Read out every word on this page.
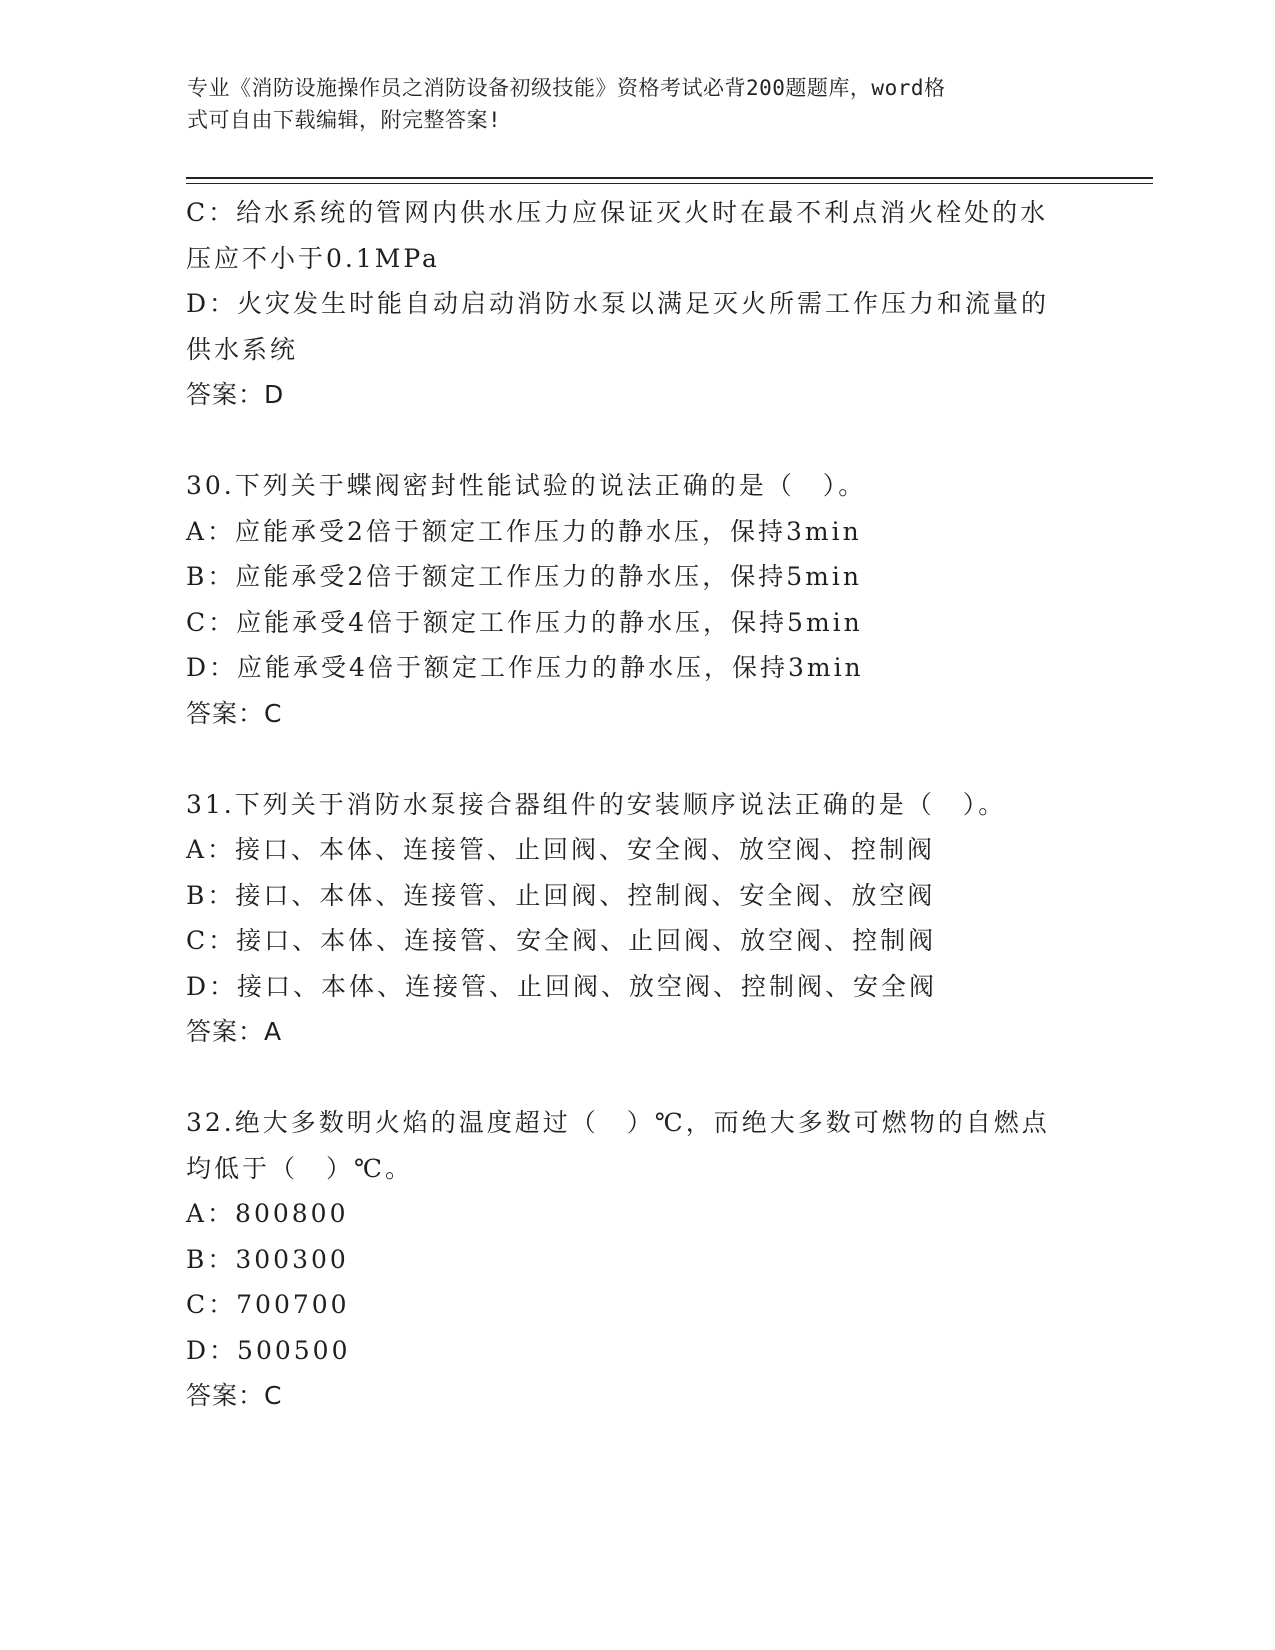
专业《消防设施操作员之消防设备初级技能》资格考试必背200题题库，word格
式可自由下载编辑，附完整答案!
C：给水系统的管网内供水压力应保证灭火时在最不利点消火栓处的水
压应不小于0.1MPa
D：火灾发生时能自动启动消防水泵以满足灭火所需工作压力和流量的
供水系统
答案：D
30.下列关于蝶阀密封性能试验的说法正确的是（　）。
A：应能承受2倍于额定工作压力的静水压，保持3min
B：应能承受2倍于额定工作压力的静水压，保持5min
C：应能承受4倍于额定工作压力的静水压，保持5min
D：应能承受4倍于额定工作压力的静水压，保持3min
答案：C
31.下列关于消防水泵接合器组件的安装顺序说法正确的是（　）。
A：接口、本体、连接管、止回阀、安全阀、放空阀、控制阀
B：接口、本体、连接管、止回阀、控制阀、安全阀、放空阀
C：接口、本体、连接管、安全阀、止回阀、放空阀、控制阀
D：接口、本体、连接管、止回阀、放空阀、控制阀、安全阀
答案：A
32.绝大多数明火焰的温度超过（　）℃，而绝大多数可燃物的自燃点
均低于（　）℃。
A：800800
B：300300
C：700700
D：500500
答案：C
